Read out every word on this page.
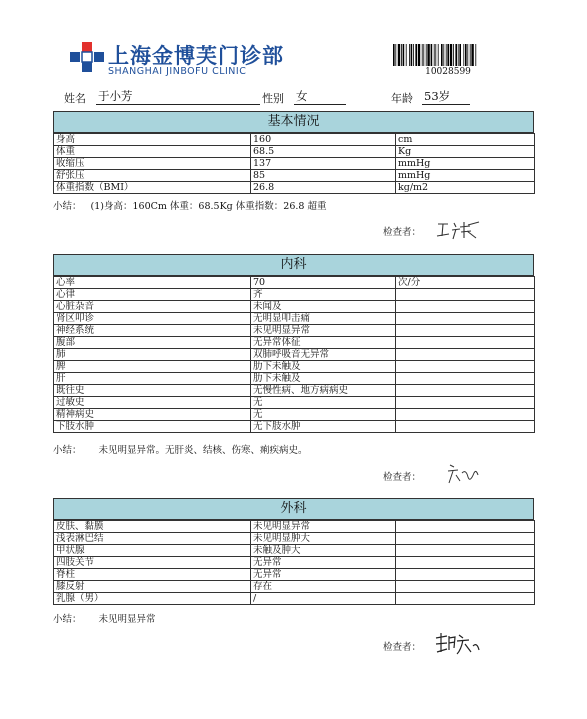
上海金博芙门诊部
SHANGHAI JINBOFU CLINIC	10028599
姓名 于小芳	性别 女	年龄 53岁
基本情况
身高	160	cm
体重	68.5	Kg
收缩压	137	mmHg
舒张压	85	mmHg
体重指数（BMI）	26.8	kg/m2
小结： (1)身高：160Cm 体重：68.5Kg 体重指数：26.8 超重
检查者：
内科
心率	70	次/分
心律	齐	
心脏杂音	未闻及	
肾区叩诊	无明显叩击痛	
神经系统	未见明显异常	
腹部	无异常体征	
肺	双肺呼吸音无异常	
脾	肋下未触及	
肝	肋下未触及	
既往史	无慢性病、地方病病史	
过敏史	无	
精神病史	无	
下肢水肿	无下肢水肿	
小结： 未见明显异常。无肝炎、结核、伤寒、痢疾病史。
检查者：
外科
皮肤、黏膜	未见明显异常	
浅表淋巴结	未见明显肿大	
甲状腺	未触及肿大	
四肢关节	无异常	
脊柱	无异常	
膝反射	存在	
乳腺（男）	/	
小结： 未见明显异常
检查者：
